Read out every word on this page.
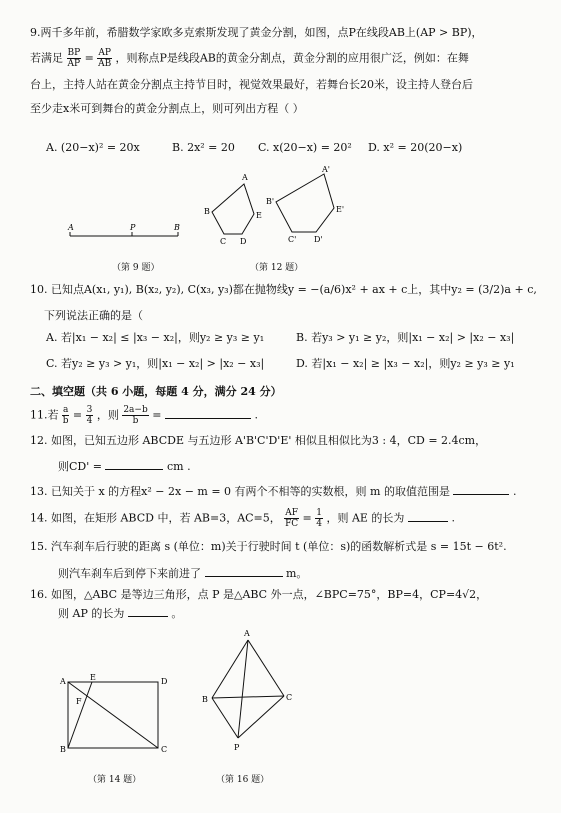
9.两千多年前，希腊数学家欧多克索斯发现了黄金分割，如图，点P在线段AB上(AP > BP)，
若满足 $\frac{BP}{AP} = \frac{AP}{AB}$ ，则称点P是线段AB的黄金分割点，黄金分割的应用很广泛，例如：在舞
台上，主持人站在黄金分割点主持节目时，视觉效果最好，若舞台长20米，设主持人登台后
至少走x米可到舞台的黄金分割点上，则可列出方程（ ）
A. (20−x)² = 20x	B. 2x² = 20 C. x(20−x) = 20² D. x² = 20(20−x)
A	P	B
（第 9 题）
A
B	E
C D
A'
B'
E'
C' D'
（第 12 题）
10. 已知点A(x₁, y₁), B(x₂, y₂), C(x₃, y₃)都在抛物线y = −(a/6)x² + ax + c上，其中y₂ = (3/2)a + c,
下列说法正确的是（
A. 若|x₁ − x₂| ≤ |x₃ − x₂|，则y₂ ≥ y₃ ≥ y₁	B. 若y₃ > y₁ ≥ y₂，则|x₁ − x₂| > |x₂ − x₃|
C. 若y₂ ≥ y₃ > y₁，则|x₁ − x₂| > |x₂ − x₃|	D. 若|x₁ − x₂| ≥ |x₃ − x₂|，则y₂ ≥ y₃ ≥ y₁
二、填空题（共 6 小题，每题 4 分，满分 24 分）
11.若 $\frac{a}{b} = \frac{3}{4}$ ，则 $\frac{2a-b}{b}$ =	.
12. 如图，已知五边形 ABCDE 与五边形 A'B'C'D'E' 相似且相似比为3 : 4，CD = 2.4cm，
则CD' =	cm .
13. 已知关于 x 的方程x² − 2x − m = 0 有两个不相等的实数根，则 m 的取值范围是	.
14. 如图，在矩形 ABCD 中，若 AB=3，AC=5， $\frac{AF}{FC} = \frac{1}{4}$ ，则 AE 的长为	.
15. 汽车刹车后行驶的距离 s (单位：m)关于行驶时间 t (单位：s)的函数解析式是 s = 15t − 6t².
则汽车刹车后到停下来前进了	m。
16. 如图，△ABC 是等边三角形，点 P 是△ABC 外一点，∠BPC=75°，BP=4，CP=4√2，
则 AP 的长为	。
A	E	D
F
B	C
（第 14 题）
A
B	C
P
（第 16 题）
